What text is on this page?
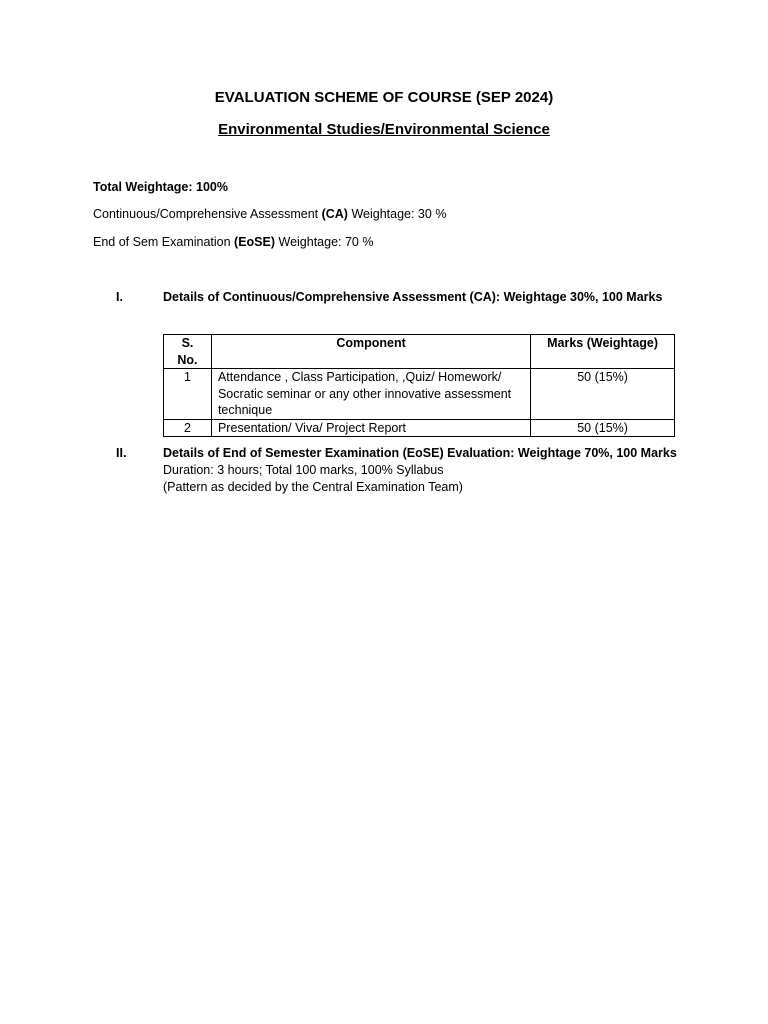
EVALUATION SCHEME OF COURSE (SEP 2024)
Environmental Studies/Environmental Science
Total Weightage: 100%
Continuous/Comprehensive Assessment (CA) Weightage: 30 %
End of Sem Examination (EoSE) Weightage: 70 %
I.	Details of Continuous/Comprehensive Assessment (CA): Weightage 30%, 100 Marks
S. No.	Component	Marks (Weightage)
1	Attendance , Class Participation, ,Quiz/ Homework/
Socratic seminar or any other innovative assessment
technique	50 (15%)
2	Presentation/ Viva/ Project Report	50 (15%)
II.	Details of End of Semester Examination (EoSE) Evaluation: Weightage 70%, 100 Marks
Duration: 3 hours; Total 100 marks, 100% Syllabus
(Pattern as decided by the Central Examination Team)
